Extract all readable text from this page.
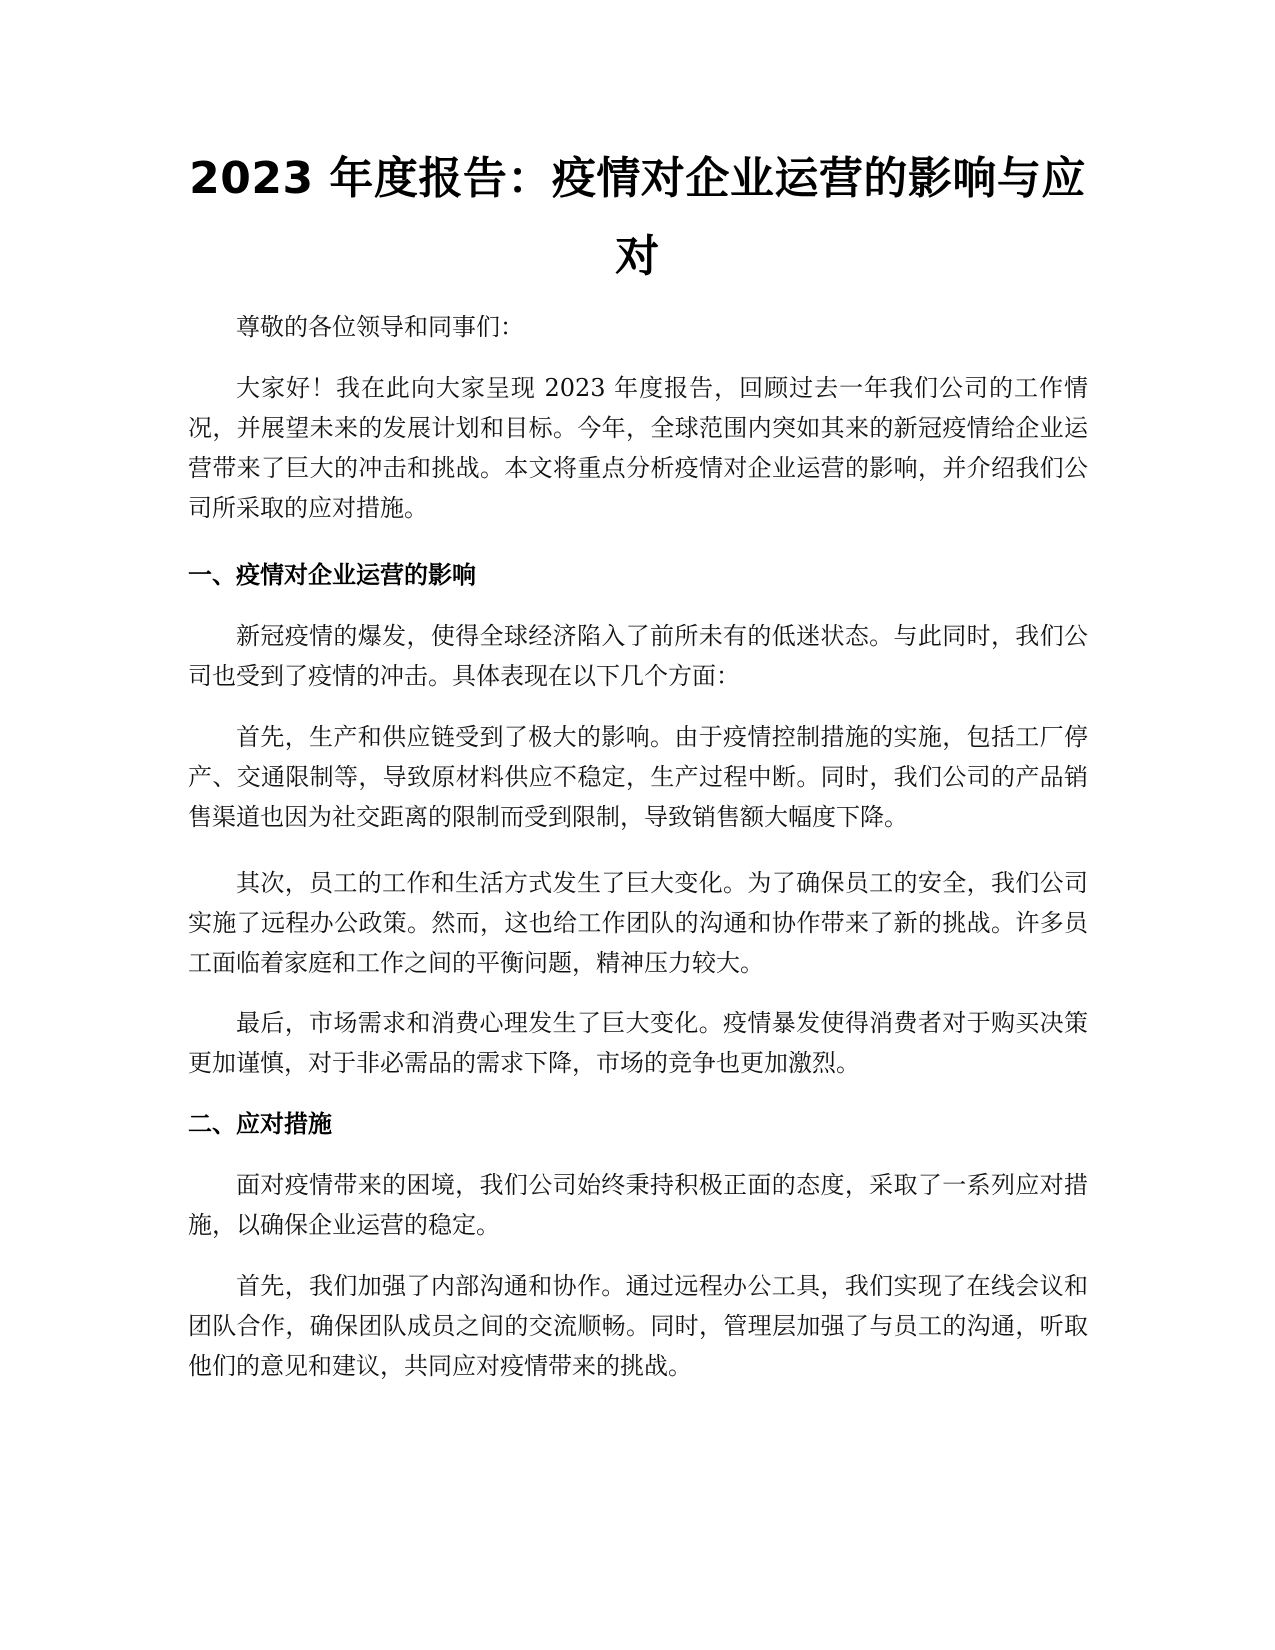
2023 年度报告：疫情对企业运营的影响与应对

尊敬的各位领导和同事们：

大家好！我在此向大家呈现 2023 年度报告，回顾过去一年我们公司的工作情况，并展望未来的发展计划和目标。今年，全球范围内突如其来的新冠疫情给企业运营带来了巨大的冲击和挑战。本文将重点分析疫情对企业运营的影响，并介绍我们公司所采取的应对措施。

一、疫情对企业运营的影响

新冠疫情的爆发，使得全球经济陷入了前所未有的低迷状态。与此同时，我们公司也受到了疫情的冲击。具体表现在以下几个方面：

首先，生产和供应链受到了极大的影响。由于疫情控制措施的实施，包括工厂停产、交通限制等，导致原材料供应不稳定，生产过程中断。同时，我们公司的产品销售渠道也因为社交距离的限制而受到限制，导致销售额大幅度下降。

其次，员工的工作和生活方式发生了巨大变化。为了确保员工的安全，我们公司实施了远程办公政策。然而，这也给工作团队的沟通和协作带来了新的挑战。许多员工面临着家庭和工作之间的平衡问题，精神压力较大。

最后，市场需求和消费心理发生了巨大变化。疫情暴发使得消费者对于购买决策更加谨慎，对于非必需品的需求下降，市场的竞争也更加激烈。

二、应对措施

面对疫情带来的困境，我们公司始终秉持积极正面的态度，采取了一系列应对措施，以确保企业运营的稳定。

首先，我们加强了内部沟通和协作。通过远程办公工具，我们实现了在线会议和团队合作，确保团队成员之间的交流顺畅。同时，管理层加强了与员工的沟通，听取他们的意见和建议，共同应对疫情带来的挑战。
